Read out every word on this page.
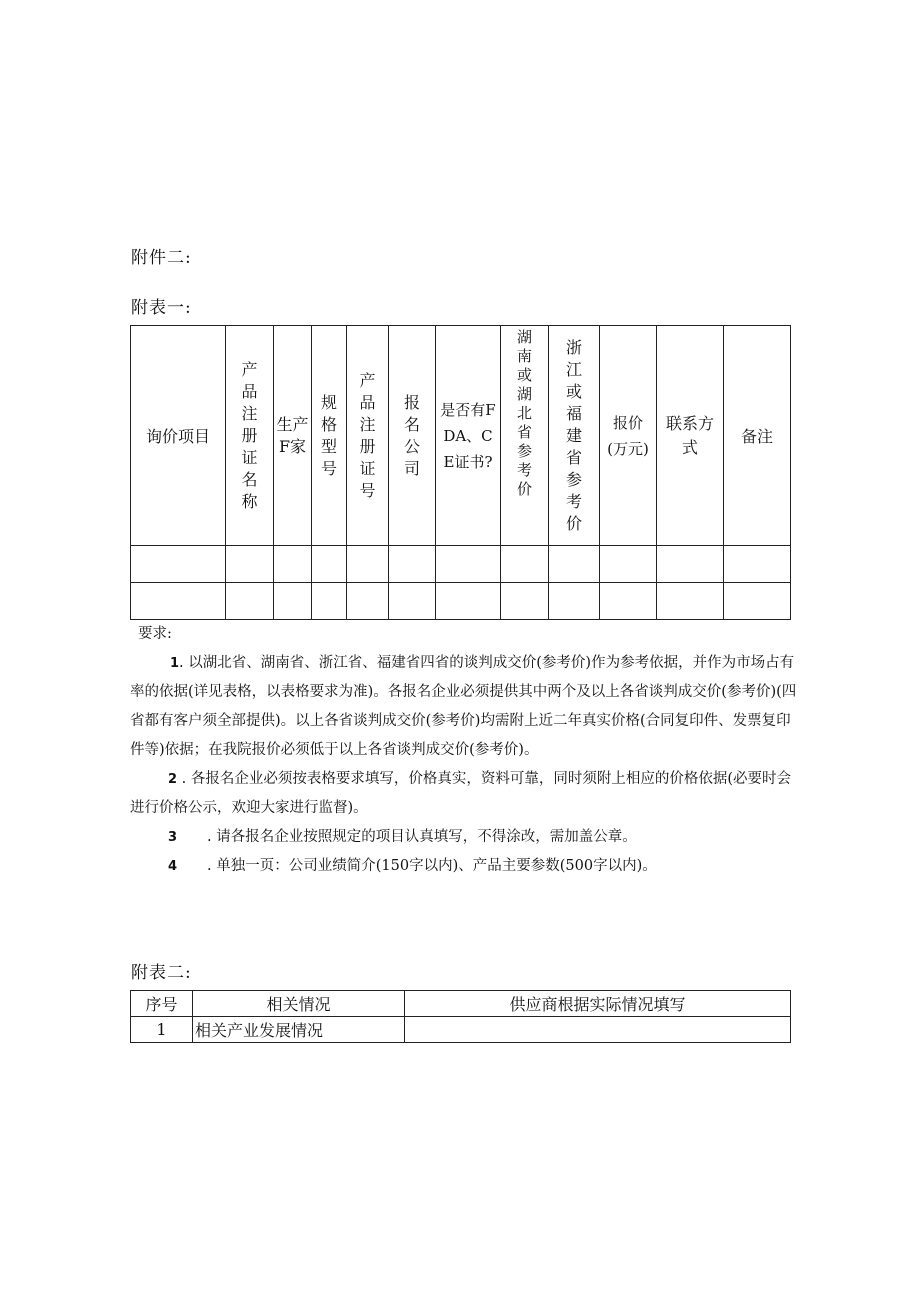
附件二:
附表一:
询价项目	产品注册证名称	生产F家	规格型号	产品注册证号	报名公司	是否有FDA、CE证书?	湖南或湖北省参考价	浙江或福建省参考价	报价(万元)	联系方式	备注

要求:

1. 以湖北省、湖南省、浙江省、福建省四省的谈判成交价(参考价)作为参考依据，并作为市场占有率的依据(详见表格，以表格要求为准)。各报名企业必须提供其中两个及以上各省谈判成交价(参考价)(四省都有客户须全部提供)。以上各省谈判成交价(参考价)均需附上近二年真实价格(合同复印件、发票复印件等)依据；在我院报价必须低于以上各省谈判成交价(参考价)。

2 . 各报名企业必须按表格要求填写，价格真实，资料可靠，同时须附上相应的价格依据(必要时会进行价格公示，欢迎大家进行监督)。

3 . 请各报名企业按照规定的项目认真填写，不得涂改，需加盖公章。

4 . 单独一页：公司业绩简介(150字以内)、产品主要参数(500字以内)。

附表二:
序号	相关情况	供应商根据实际情况填写
1	相关产业发展情况	
